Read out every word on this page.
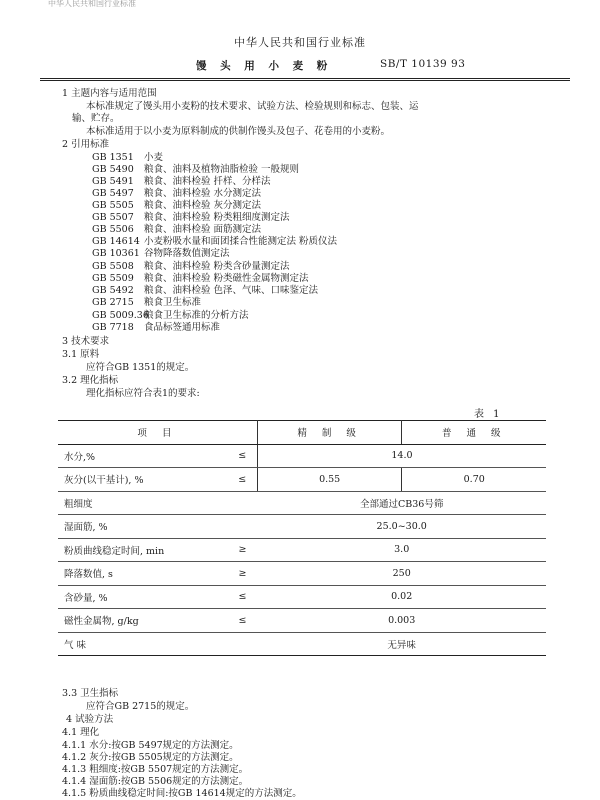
中华人民共和国行业标准
中华人民共和国行业标准
馒 头 用 小 麦 粉	SB/T 10139 93
1 主题内容与适用范围
本标准规定了馒头用小麦粉的技术要求、试验方法、检验规则和标志、包装、运
输、贮存。
本标准适用于以小麦为原料制成的供制作馒头及包子、花卷用的小麦粉。
2 引用标准
GB 1351 小麦
GB 5490 粮食、油料及植物油脂检验 一般规则
GB 5491 粮食、油料检验 扦样、分样法
GB 5497 粮食、油料检验 水分测定法
GB 5505 粮食、油料检验 灰分测定法
GB 5507 粮食、油料检验 粉类粗细度测定法
GB 5506 粮食、油料检验 面筋测定法
GB 14614 小麦粉吸水量和面团揉合性能测定法 粉质仪法
GB 10361 谷物降落数值测定法
GB 5508 粮食、油料检验 粉类含砂量测定法
GB 5509 粮食、油料检验 粉类磁性金属物测定法
GB 5492 粮食、油料检验 色泽、气味、口味鉴定法
GB 2715 粮食卫生标准
GB 5009.36粮食卫生标准的分析方法
GB 7718 食品标签通用标准
3 技术要求
3.1 原料
应符合GB 1351的规定。
3.2 理化指标
理化指标应符合表1的要求:
表 1
项 目		精 制 级	普 通 级
水分,%	≤	14.0	
灰分(以干基计), %	≤	0.55	0.70
粗细度		全部通过CB36号筛	
湿面筋, %		25.0~30.0	
粉质曲线稳定时间, min	≥	3.0	
降落数值, s	≥	250	
含砂量, %	≤	0.02	
磁性金属物, g/kg	≤	0.003	
气 味		无异味	
3.3 卫生指标
应符合GB 2715的规定。
4 试验方法
4.1 理化
4.1.1 水分:按GB 5497规定的方法测定。
4.1.2 灰分:按GB 5505规定的方法测定。
4.1.3 粗细度:按GB 5507规定的方法测定。
4.1.4 湿面筋:按GB 5506规定的方法测定。
4.1.5 粉质曲线稳定时间:按GB 14614规定的方法测定。
